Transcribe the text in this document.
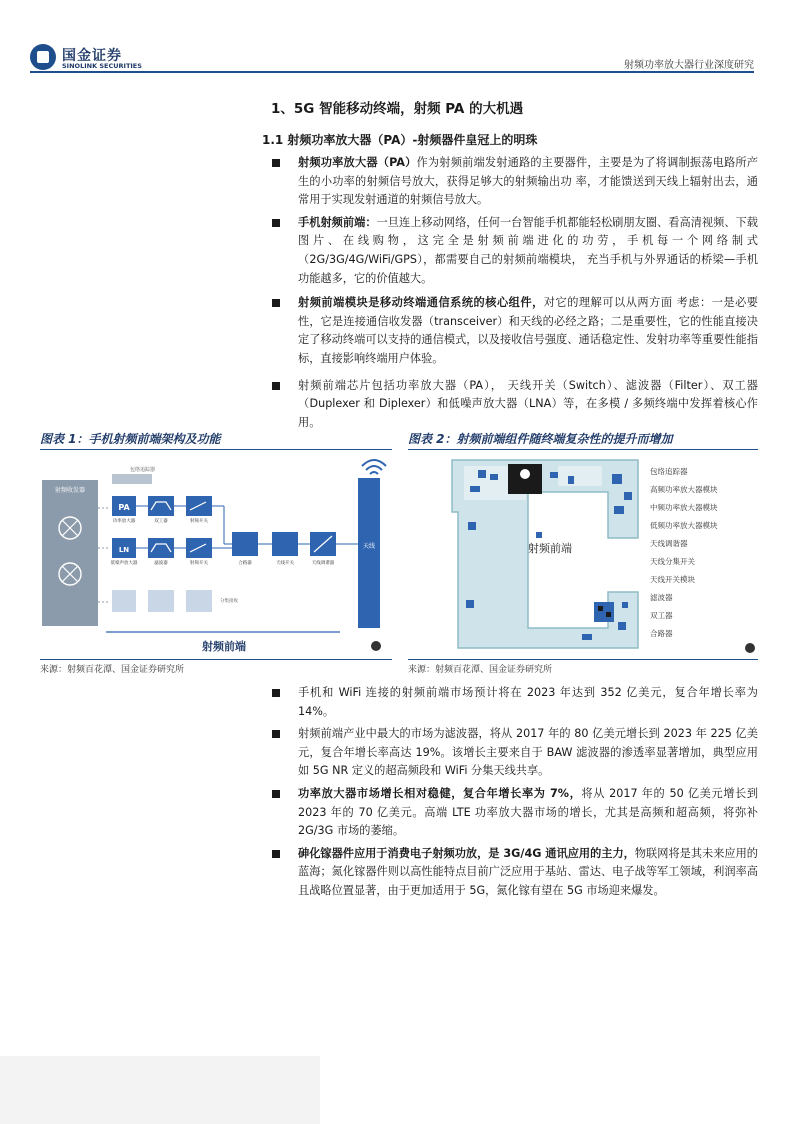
国金证券
SINOLINK SECURITIES	射频功率放大器行业深度研究
1、5G 智能移动终端，射频 PA 的大机遇
1.1 射频功率放大器（PA）-射频器件皇冠上的明珠
射频功率放大器（PA）作为射频前端发射通路的主要器件，主要是为了将调制振荡电路所产生的小功率的射频信号放大，获得足够大的射频输出功 率，才能馈送到天线上辐射出去，通常用于实现发射通道的射频信号放大。
手机射频前端：一旦连上移动网络，任何一台智能手机都能轻松刷朋友圈、看高清视频、下载图片、在线购物，这完全是射频前端进化的功劳，手机每一个网络制式（2G/3G/4G/WiFi/GPS），都需要自己的射频前端模块， 充当手机与外界通话的桥梁—手机功能越多，它的价值越大。
射频前端模块是移动终端通信系统的核心组件，对它的理解可以从两方面 考虑：一是必要性，它是连接通信收发器（transceiver）和天线的必经之路；二是重要性，它的性能直接决定了移动终端可以支持的通信模式，以及接收信号强度、通话稳定性、发射功率等重要性能指标，直接影响终端用户体验。
射频前端芯片包括功率放大器（PA）， 天线开关（Switch）、滤波器（Filter）、双工器（Duplexer 和 Diplexer）和低噪声放大器（LNA）等，在多模 / 多频终端中发挥着核心作用。
图表 1：手机射频前端架构及功能	图表 2：射频前端组件随终端复杂性的提升而增加
射频收发器
包络追踪器
PA
功率放大器	双工器	射频开关
LN
低噪声放大器	滤波器	射频开关
分集接收
合路器	天线开关	天线调谐器
天线
射频前端
射频前端
包络追踪器
高频功率放大器模块
中频功率放大器模块
低频功率放大器模块
天线调谐器
天线分集开关
天线开关模块
滤波器
双工器
合路器
来源：射频百花潭、国金证券研究所	来源：射频百花潭、国金证券研究所
手机和 WiFi 连接的射频前端市场预计将在 2023 年达到 352 亿美元，复合年增长率为 14%。
射频前端产业中最大的市场为滤波器，将从 2017 年的 80 亿美元增长到 2023 年 225 亿美元，复合年增长率高达 19%。该增长主要来自于 BAW 滤波器的渗透率显著增加，典型应用如 5G NR 定义的超高频段和 WiFi 分集天线共享。
功率放大器市场增长相对稳健，复合年增长率为 7%，将从 2017 年的 50 亿美元增长到 2023 年的 70 亿美元。高端 LTE 功率放大器市场的增长，尤其是高频和超高频，将弥补 2G/3G 市场的萎缩。
砷化镓器件应用于消费电子射频功放，是 3G/4G 通讯应用的主力，物联网将是其未来应用的蓝海；氮化镓器件则以高性能特点目前广泛应用于基站、雷达、电子战等军工领域，利润率高且战略位置显著，由于更加适用于 5G，氮化镓有望在 5G 市场迎来爆发。
